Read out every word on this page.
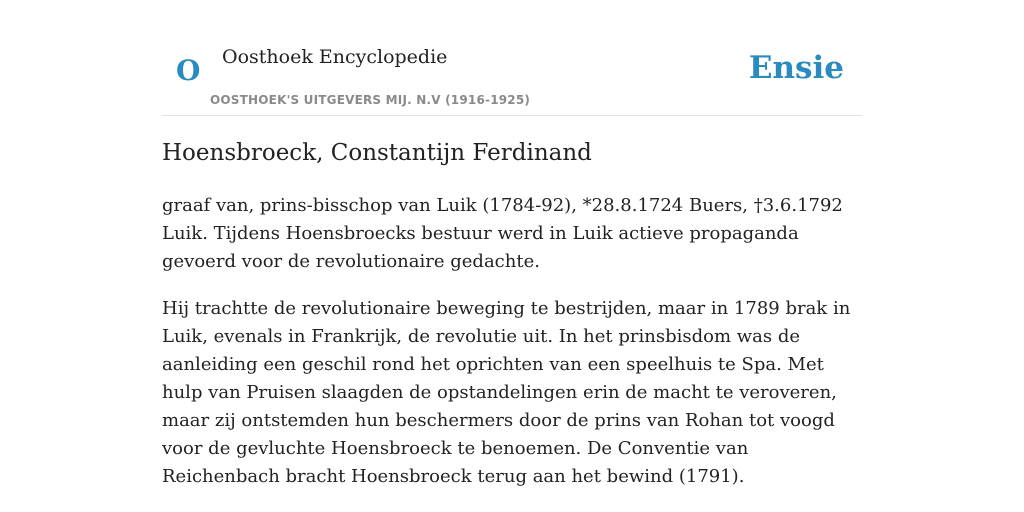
O Oosthoek Encyclopedie
OOSTHOEK'S UITGEVERS MIJ. N.V (1916-1925)
Ensie
Hoensbroeck, Constantijn Ferdinand

graaf van, prins-bisschop van Luik (1784-92), *28.8.1724 Buers, †3.6.1792 Luik. Tijdens Hoensbroecks bestuur werd in Luik actieve propaganda gevoerd voor de revolutionaire gedachte.

Hij trachtte de revolutionaire beweging te bestrijden, maar in 1789 brak in Luik, evenals in Frankrijk, de revolutie uit. In het prinsbisdom was de aanleiding een geschil rond het oprichten van een speelhuis te Spa. Met hulp van Pruisen slaagden de opstandelingen erin de macht te veroveren, maar zij ontstemden hun beschermers door de prins van Rohan tot voogd voor de gevluchte Hoensbroeck te benoemen. De Conventie van Reichenbach bracht Hoensbroeck terug aan het bewind (1791).
